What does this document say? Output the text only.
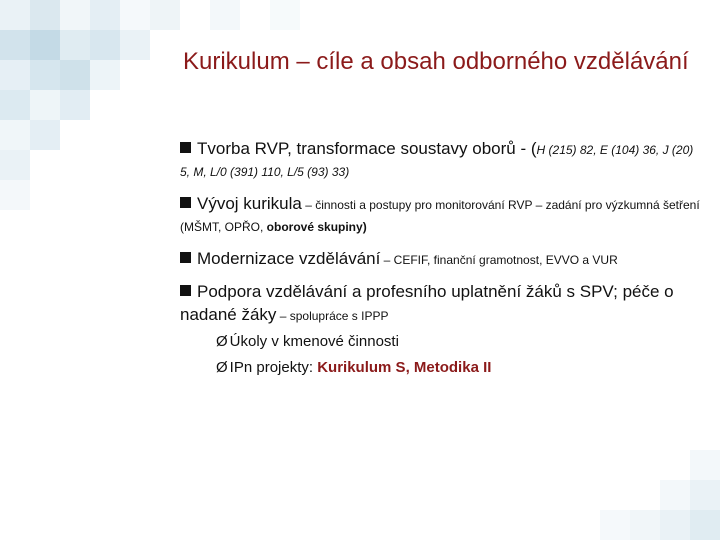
Kurikulum – cíle a obsah odborného vzdělávání

Tvorba RVP, transformace soustavy oborů - (H (215) 82, E (104) 36, J (20) 5, M, L/0 (391) 110, L/5 (93) 33)

Vývoj kurikula – činnosti a postupy pro monitorování RVP – zadání pro výzkumná šetření (MŠMT, OPŘO, oborové skupiny)

Modernizace vzdělávání – CEFIF, finanční gramotnost, EVVO a VUR

Podpora vzdělávání a profesního uplatnění žáků s SPV; péče o nadané žáky – spolupráce s IPPP

Ø Úkoly v kmenové činnosti

Ø IPn projekty: Kurikulum S, Metodika II
